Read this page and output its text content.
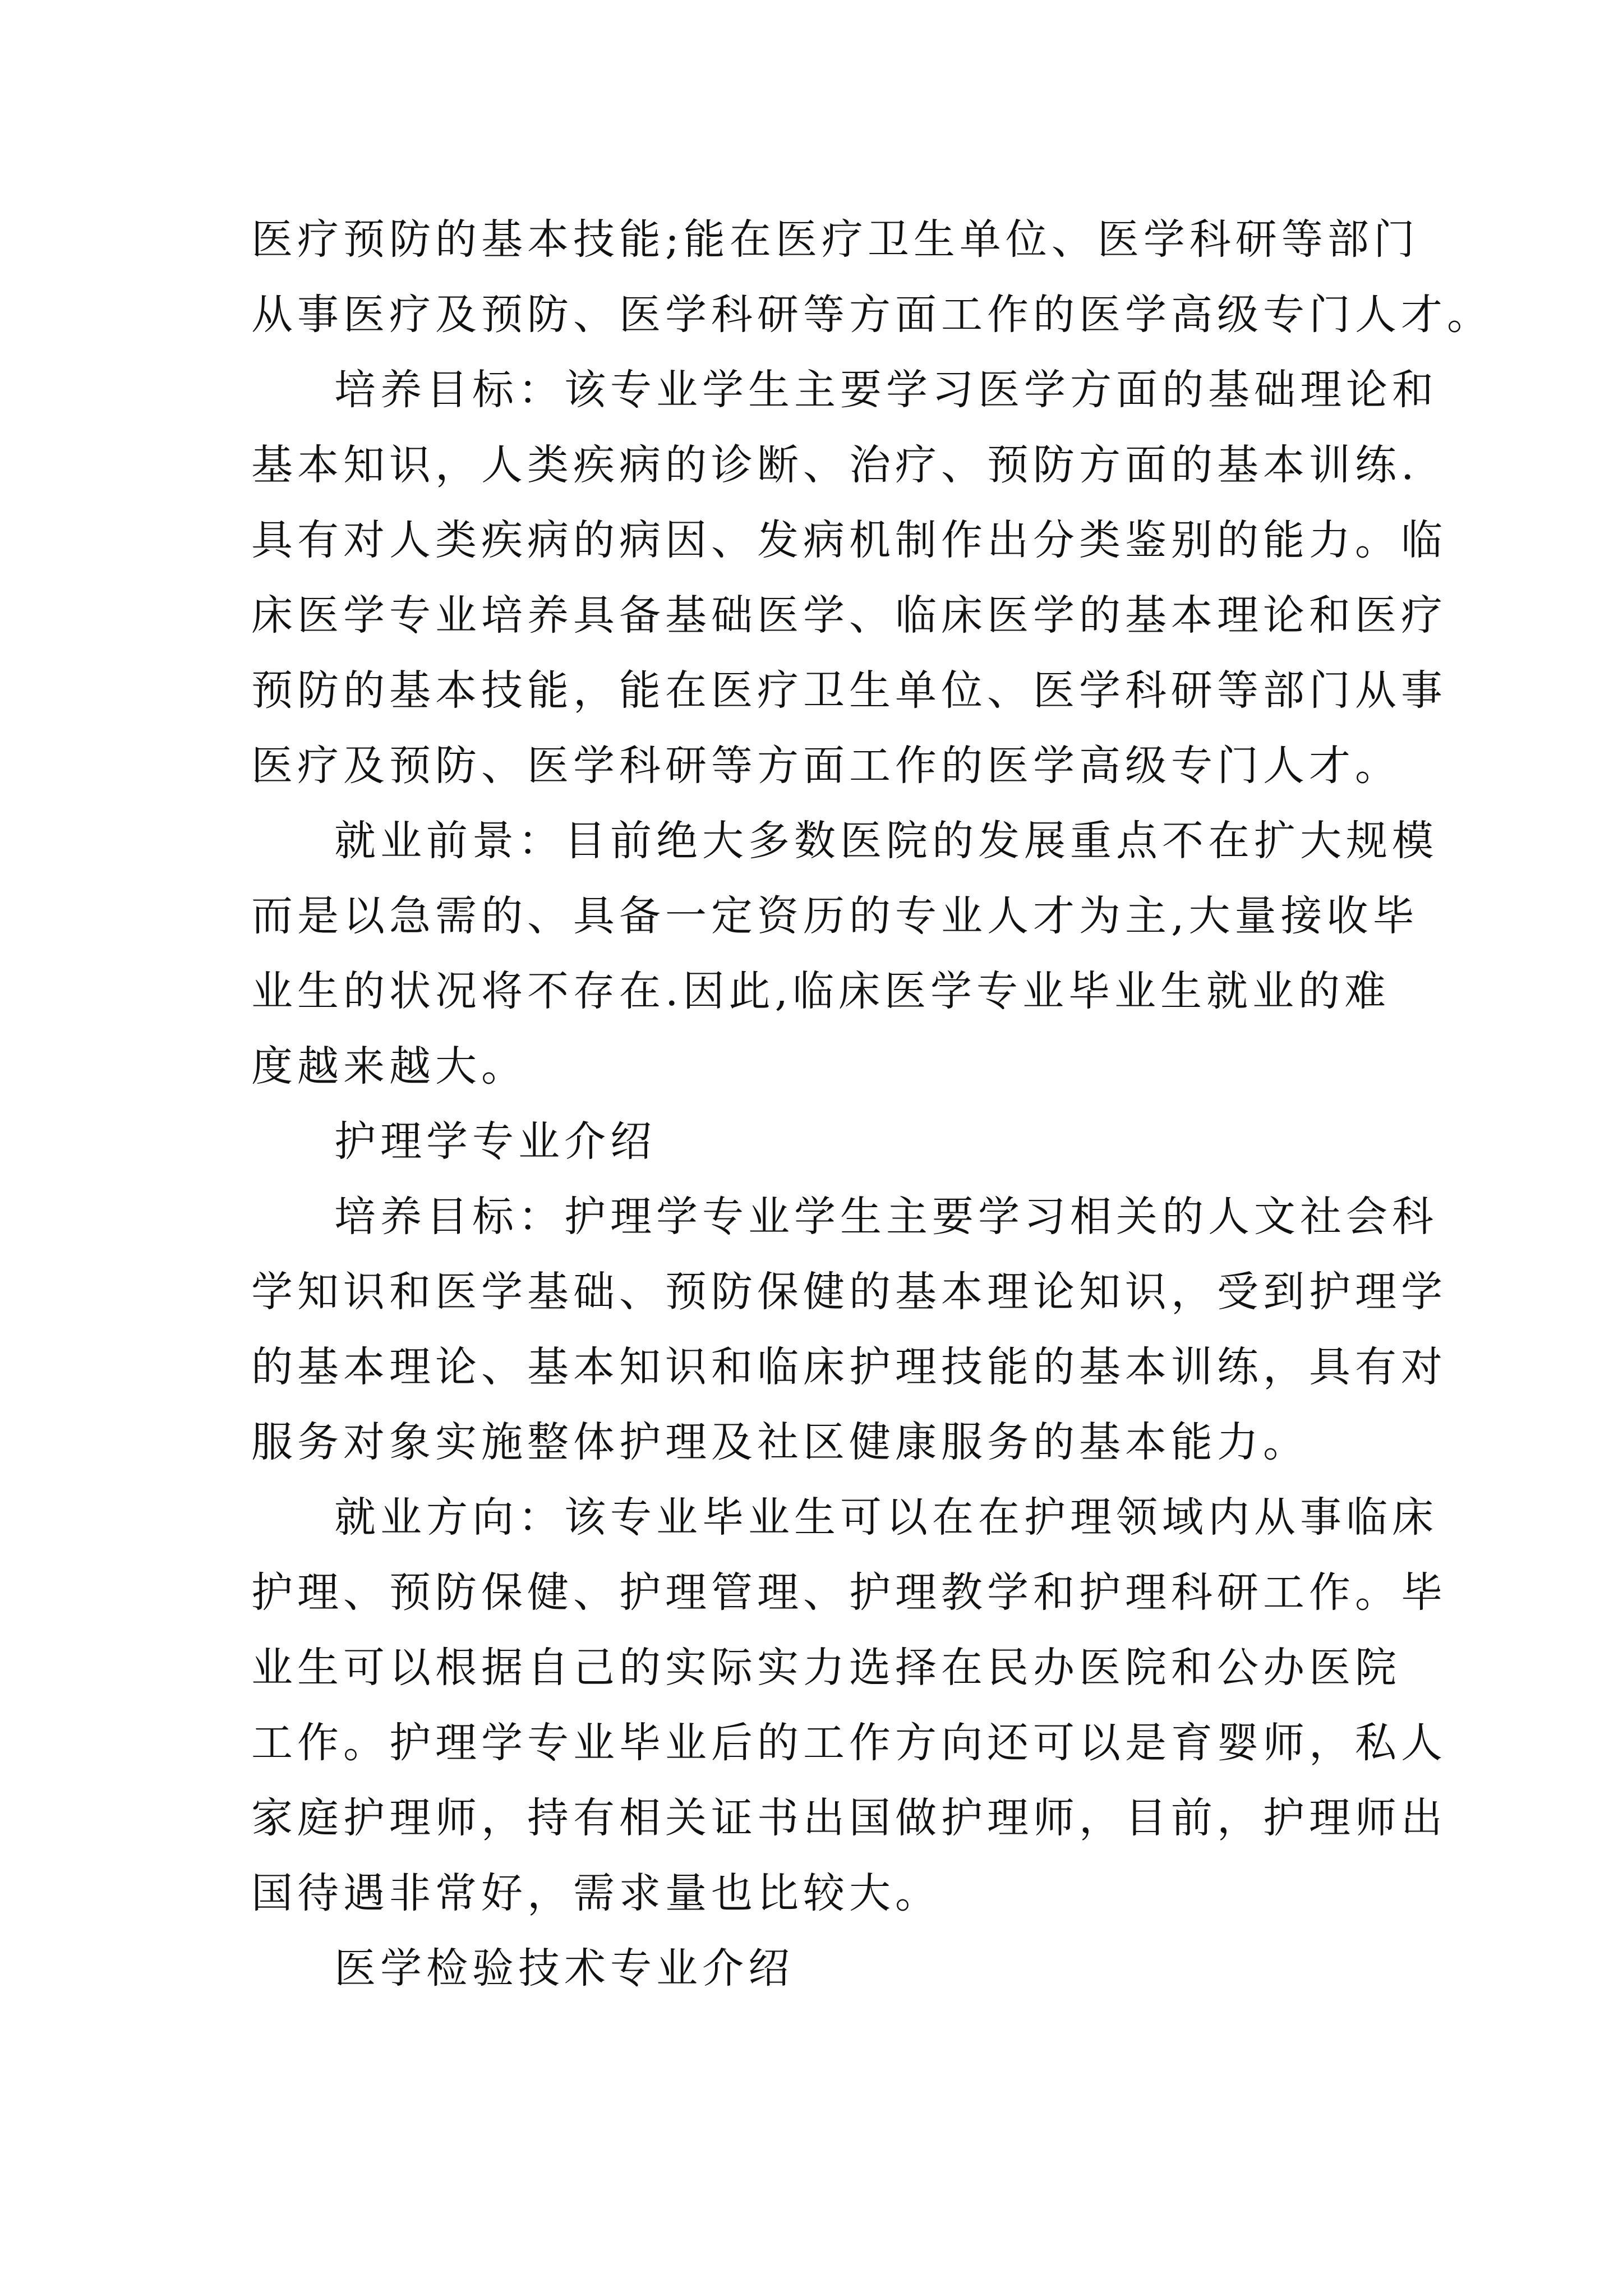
医疗预防的基本技能;能在医疗卫生单位、医学科研等部门
从事医疗及预防、医学科研等方面工作的医学高级专门人才。
培养目标：该专业学生主要学习医学方面的基础理论和
基本知识，人类疾病的诊断、治疗、预防方面的基本训练.
具有对人类疾病的病因、发病机制作出分类鉴别的能力。临
床医学专业培养具备基础医学、临床医学的基本理论和医疗
预防的基本技能，能在医疗卫生单位、医学科研等部门从事
医疗及预防、医学科研等方面工作的医学高级专门人才。
就业前景：目前绝大多数医院的发展重点不在扩大规模
而是以急需的、具备一定资历的专业人才为主,大量接收毕
业生的状况将不存在.因此,临床医学专业毕业生就业的难
度越来越大。
护理学专业介绍
培养目标：护理学专业学生主要学习相关的人文社会科
学知识和医学基础、预防保健的基本理论知识，受到护理学
的基本理论、基本知识和临床护理技能的基本训练，具有对
服务对象实施整体护理及社区健康服务的基本能力。
就业方向：该专业毕业生可以在在护理领域内从事临床
护理、预防保健、护理管理、护理教学和护理科研工作。毕
业生可以根据自己的实际实力选择在民办医院和公办医院
工作。护理学专业毕业后的工作方向还可以是育婴师，私人
家庭护理师，持有相关证书出国做护理师，目前，护理师出
国待遇非常好，需求量也比较大。
医学检验技术专业介绍
